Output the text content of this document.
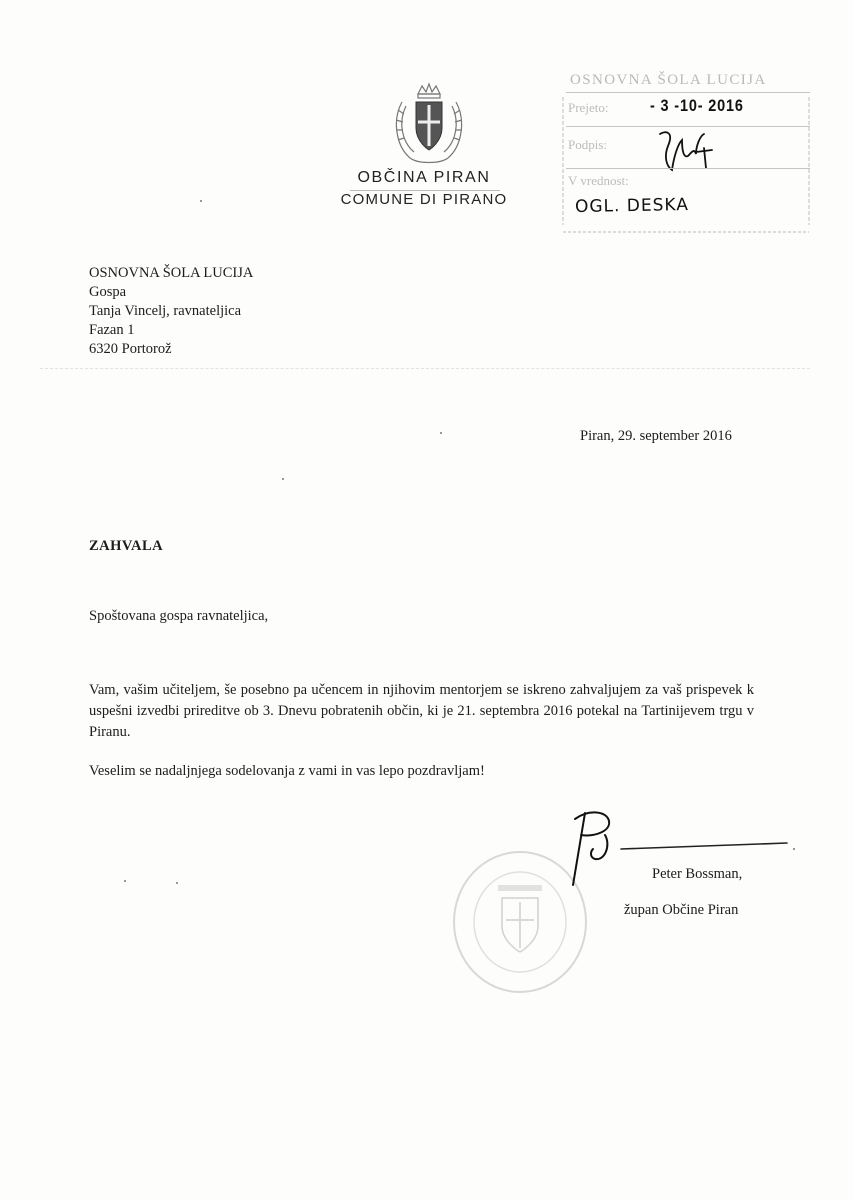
OBČINA PIRAN
COMUNE DI PIRANO
OSNOVNA ŠOLA LUCIJA
Prejeto:	- 3 -10- 2016
Podpis:
V vrednost:
OGL. DESKA
OSNOVNA ŠOLA LUCIJA
Gospa
Tanja Vincelj, ravnateljica
Fazan 1
6320 Portorož
Piran, 29. september 2016
ZAHVALA
Spoštovana gospa ravnateljica,
Vam, vašim učiteljem, še posebno pa učencem in njihovim mentorjem se iskreno zahvaljujem za vaš prispevek k uspešni izvedbi prireditve ob 3. Dnevu pobratenih občin, ki je 21. septembra 2016 potekal na Tartinijevem trgu v Piranu.
Veselim se nadaljnjega sodelovanja z vami in vas lepo pozdravljam!
Peter Bossman,
župan Občine Piran
